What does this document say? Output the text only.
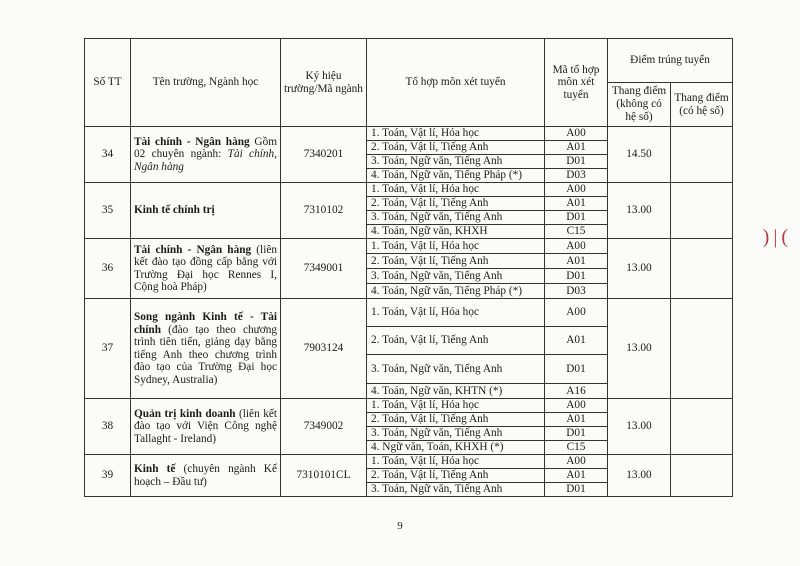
Số TT	Tên trường, Ngành học	Ký hiệu trường/Mã ngành	Tổ hợp môn xét tuyển	Mã tổ hợp môn xét tuyển	Điểm trúng tuyển	
					Thang điểm (không có hệ số)	Thang điểm (có hệ số)
34	Tài chính - Ngân hàng Gồm 02 chuyên ngành: Tài chính, Ngân hàng	7340201	1. Toán, Vật lí, Hóa học	A00	14.50	
			2. Toán, Vật lí, Tiếng Anh	A01		
			3. Toán, Ngữ văn, Tiếng Anh	D01		
			4. Toán, Ngữ văn, Tiếng Pháp (*)	D03		
35	Kinh tế chính trị	7310102	1. Toán, Vật lí, Hóa học	A00	13.00	
			2. Toán, Vật lí, Tiếng Anh	A01		
			3. Toán, Ngữ văn, Tiếng Anh	D01		
			4. Toán, Ngữ văn, KHXH	C15		
36	Tài chính - Ngân hàng (liên kết đào tạo đồng cấp bằng với Trường Đại học Rennes I, Cộng hoà Pháp)	7349001	1. Toán, Vật lí, Hóa học	A00	13.00	
			2. Toán, Vật lí, Tiếng Anh	A01		
			3. Toán, Ngữ văn, Tiếng Anh	D01		
			4. Toán, Ngữ văn, Tiếng Pháp (*)	D03		
37	Song ngành Kinh tế - Tài chính (đào tạo theo chương trình tiên tiến, giảng dạy bằng tiếng Anh theo chương trình đào tạo của Trường Đại học Sydney, Australia)	7903124	1. Toán, Vật lí, Hóa học	A00	13.00	
			2. Toán, Vật lí, Tiếng Anh	A01		
			3. Toán, Ngữ văn, Tiếng Anh	D01		
			4. Toán, Ngữ văn, KHTN (*)	A16		
38	Quản trị kinh doanh (liên kết đào tạo với Viện Công nghệ Tallaght - Ireland)	7349002	1. Toán, Vật lí, Hóa học	A00	13.00	
			2. Toán, Vật lí, Tiếng Anh	A01		
			3. Toán, Ngữ văn, Tiếng Anh	D01		
			4. Ngữ văn, Toán, KHXH (*)	C15		
39	Kinh tế (chuyên ngành Kế hoạch – Đầu tư)	7310101CL	1. Toán, Vật lí, Hóa học	A00	13.00	
			2. Toán, Vật lí, Tiếng Anh	A01		
			3. Toán, Ngữ văn, Tiếng Anh	D01		
9
)|(
